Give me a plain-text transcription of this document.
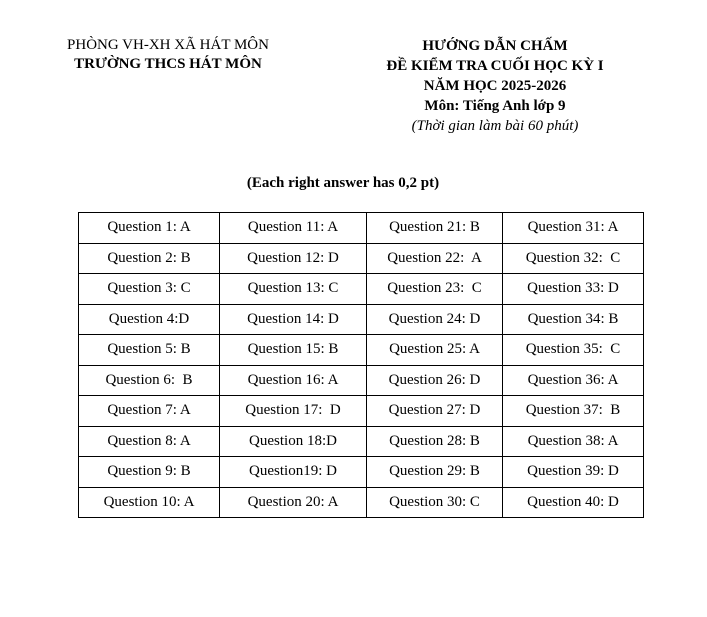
PHÒNG VH-XH XÃ HÁT MÔN
TRƯỜNG THCS HÁT MÔN
HƯỚNG DẪN CHẤM
ĐỀ KIỂM TRA CUỐI HỌC KỲ I
NĂM HỌC 2025-2026
Môn: Tiếng Anh lớp 9
(Thời gian làm bài 60 phút)
(Each right answer has 0,2 pt)
Question 1: A	Question 11: A	Question 21: B	Question 31: A
Question 2: B	Question 12: D	Question 22:  A	Question 32:  C
Question 3: C	Question 13: C	Question 23:  C	Question 33: D
Question 4:D	Question 14: D	Question 24: D	Question 34: B
Question 5: B	Question 15: B	Question 25: A	Question 35:  C
Question 6:  B	Question 16: A	Question 26: D	Question 36: A
Question 7: A	Question 17:  D	Question 27: D	Question 37:  B
Question 8: A	Question 18:D	Question 28: B	Question 38: A
Question 9: B	Question19: D	Question 29: B	Question 39: D
Question 10: A	Question 20: A	Question 30: C	Question 40: D
